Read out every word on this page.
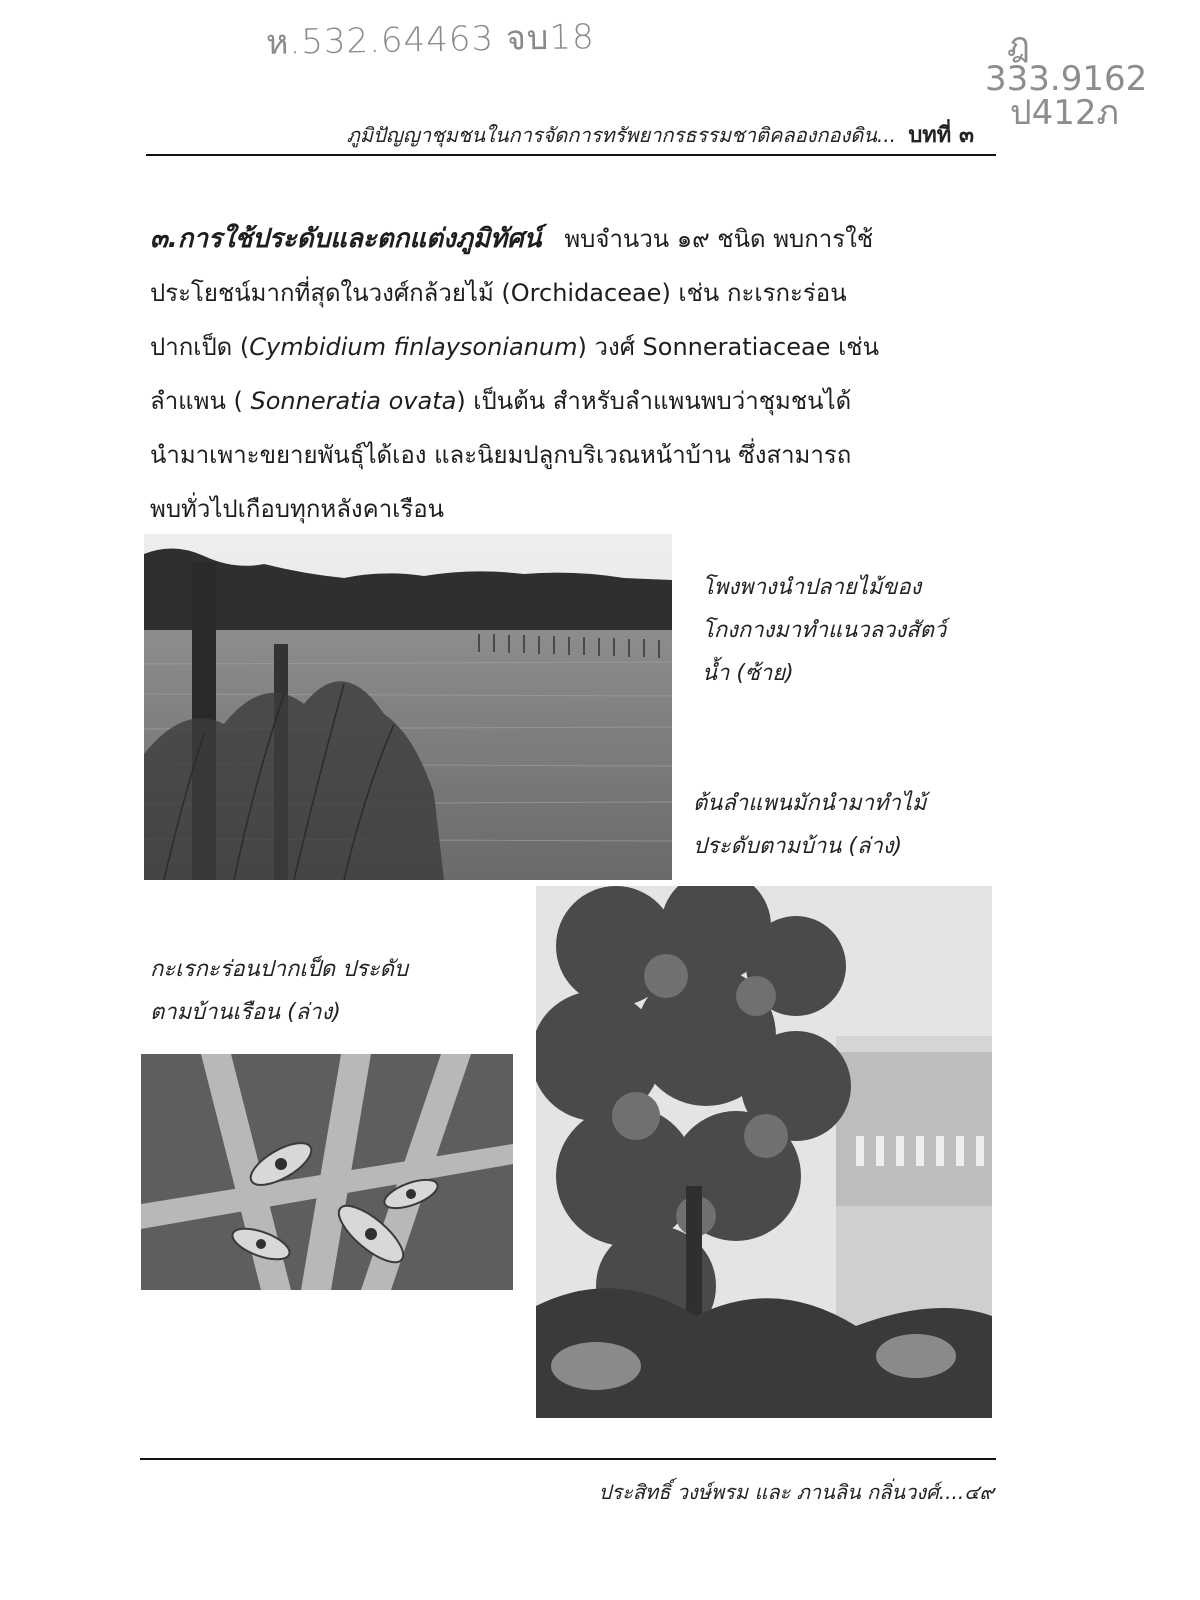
ห.532.64463 จบ18	ฎ
333.9162
ป412ภ
ภูมิปัญญาชุมชนในการจัดการทรัพยากรธรรมชาติคลองกองดิน... บทที่ ๓
๓.การใช้ประดับและตกแต่งภูมิทัศน์ พบจำนวน ๑๙ ชนิด พบการใช้
ประโยชน์มากที่สุดในวงศ์กล้วยไม้ (Orchidaceae) เช่น กะเรกะร่อน
ปากเป็ด (Cymbidium finlaysonianum) วงศ์ Sonneratiaceae เช่น
ลำแพน ( Sonneratia ovata) เป็นต้น สำหรับลำแพนพบว่าชุมชนได้
นำมาเพาะขยายพันธุ์ได้เอง และนิยมปลูกบริเวณหน้าบ้าน ซึ่งสามารถ
พบทั่วไปเกือบทุกหลังคาเรือน
โพงพางนำปลายไม้ของ
โกงกางมาทำแนวลวงสัตว์
น้ำ (ซ้าย)
ต้นลำแพนมักนำมาทำไม้
ประดับตามบ้าน (ล่าง)
กะเรกะร่อนปากเป็ด ประดับ
ตามบ้านเรือน (ล่าง)
ประสิทธิ์ วงษ์พรม และ ภานลิน กลิ่นวงศ์....๔๙
